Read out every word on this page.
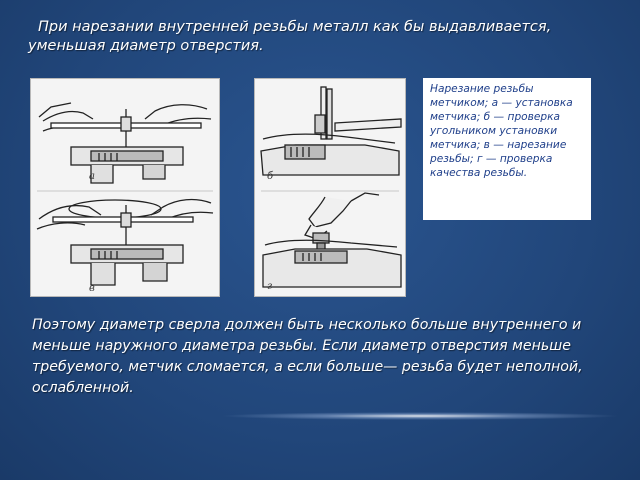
При нарезании внутренней резьбы металл как бы выдавливается, уменьшая диаметр отверстия.

а
в
б
г

Нарезание резьбы метчиком; а — установка метчика; б — проверка угольником установки метчика; в — нарезание резьбы; г — проверка качества резьбы.

Поэтому диаметр сверла должен быть несколько больше внутреннего и меньше наружного диаметра резьбы. Если диаметр отверстия меньше требуемого, метчик сломается, а если больше— резьба будет неполной, ослабленной.
